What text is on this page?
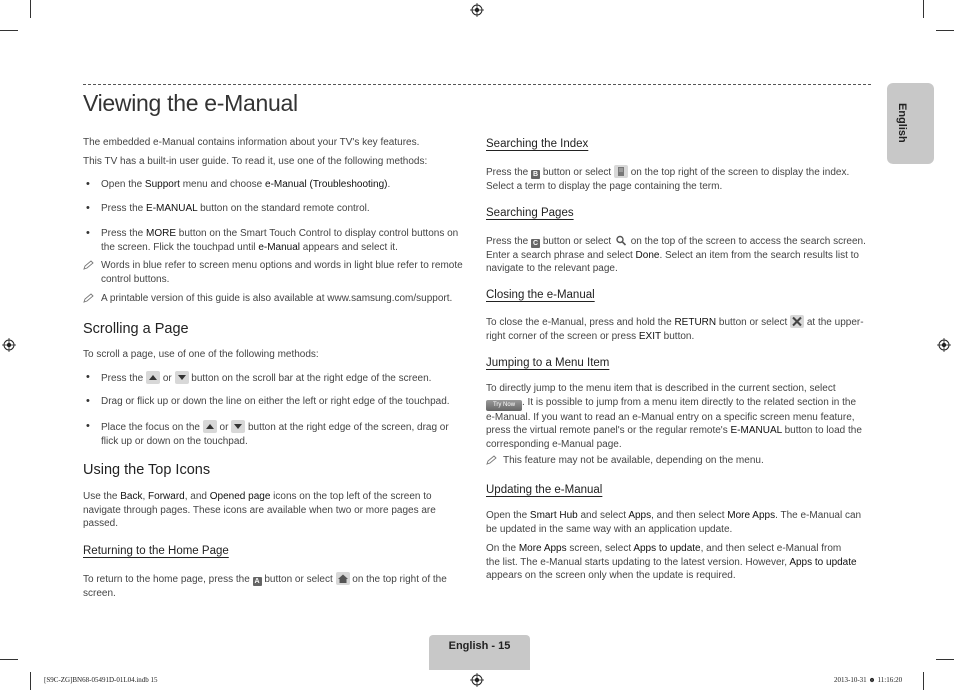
English
Viewing the e-Manual
The embedded e-Manual contains information about your TV's key features.
This TV has a built-in user guide. To read it, use one of the following methods:
• Open the Support menu and choose e-Manual (Troubleshooting).
• Press the E-MANUAL button on the standard remote control.
• Press the MORE button on the Smart Touch Control to display control buttons on
the screen. Flick the touchpad until e-Manual appears and select it.
Words in blue refer to screen menu options and words in light blue refer to remote
control buttons.
A printable version of this guide is also available at www.samsung.com/support.
Scrolling a Page
To scroll a page, use of one of the following methods:
• Press the or button on the scroll bar at the right edge of the screen.
• Drag or flick up or down the line on either the left or right edge of the touchpad.
• Place the focus on the or button at the right edge of the screen, drag or
flick up or down on the touchpad.
Using the Top Icons
Use the Back, Forward, and Opened page icons on the top left of the screen to
navigate through pages. These icons are available when two or more pages are
passed.
Returning to the Home Page
To return to the home page, press the A button or select on the top right of the
screen.
Searching the Index
Press the B button or select on the top right of the screen to display the index.
Select a term to display the page containing the term.
Searching Pages
Press the C button or select on the top of the screen to access the search screen.
Enter a search phrase and select Done. Select an item from the search results list to
navigate to the relevant page.
Closing the e-Manual
To close the e-Manual, press and hold the RETURN button or select at the upper-
right corner of the screen or press EXIT button.
Jumping to a Menu Item
To directly jump to the menu item that is described in the current section, select
Try Now . It is possible to jump from a menu item directly to the related section in the
e-Manual. If you want to read an e-Manual entry on a specific screen menu feature,
press the virtual remote panel's or the regular remote's E-MANUAL button to load the
corresponding e-Manual page.
This feature may not be available, depending on the menu.
Updating the e-Manual
Open the Smart Hub and select Apps, and then select More Apps. The e-Manual can
be updated in the same way with an application update.
On the More Apps screen, select Apps to update, and then select e-Manual from
the list. The e-Manual starts updating to the latest version. However, Apps to update
appears on the screen only when the update is required.
English - 15
[S9C-ZG]BN68-05491D-01L04.indb 15	2013-10-31 ☻ 11:16:20
